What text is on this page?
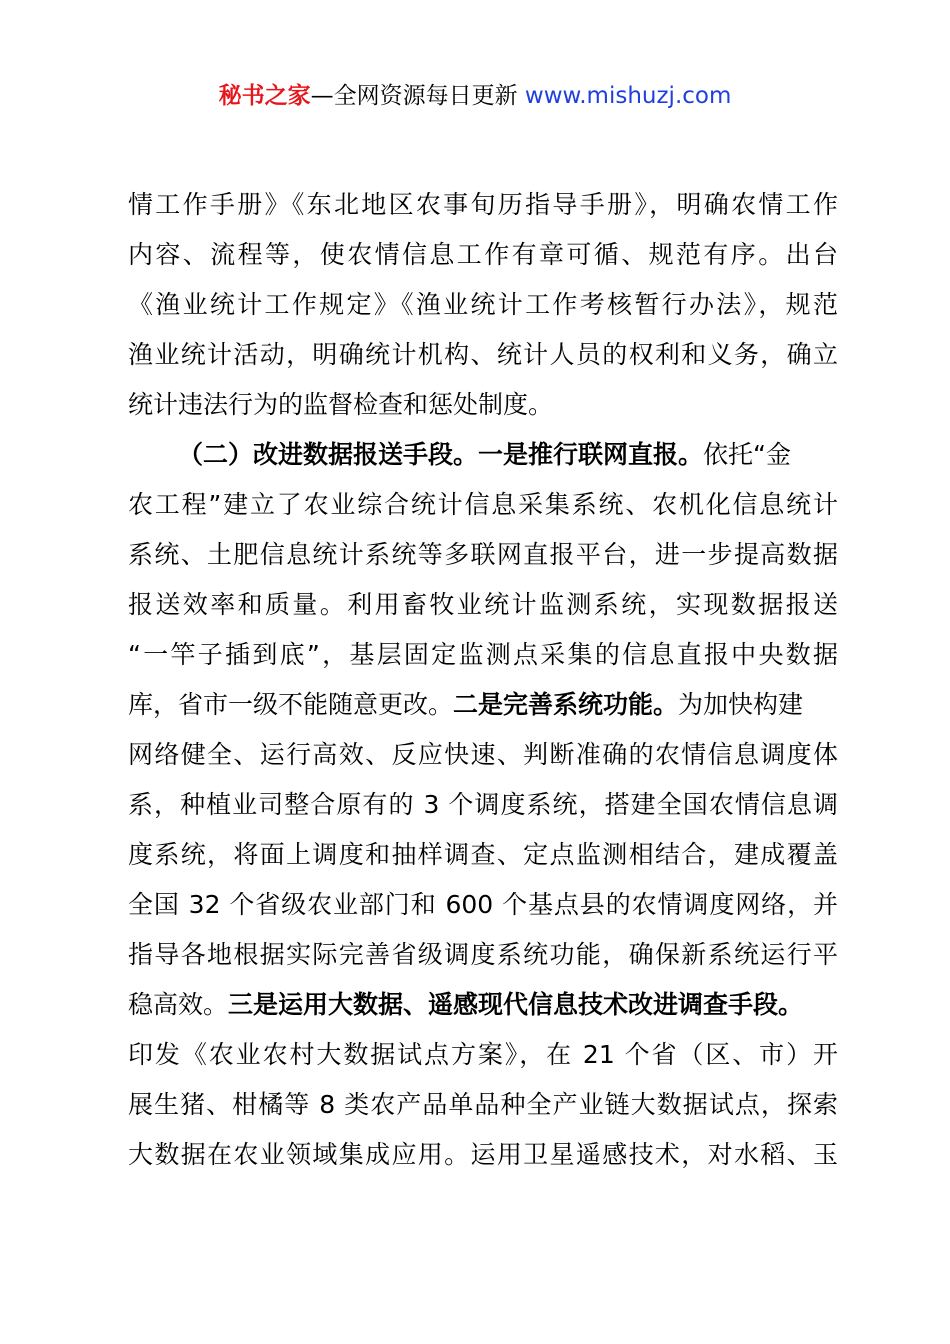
秘书之家—全网资源每日更新 www.mishuzj.com
情工作手册》《东北地区农事旬历指导手册》，明确农情工作
内容、流程等，使农情信息工作有章可循、规范有序。出台
《渔业统计工作规定》《渔业统计工作考核暂行办法》，规范
渔业统计活动，明确统计机构、统计人员的权利和义务，确立
统计违法行为的监督检查和惩处制度。
（二）改进数据报送手段。一是推行联网直报。依托“金
农工程”建立了农业综合统计信息采集系统、农机化信息统计
系统、土肥信息统计系统等多联网直报平台，进一步提高数据
报送效率和质量。利用畜牧业统计监测系统，实现数据报送
“一竿子插到底”，基层固定监测点采集的信息直报中央数据
库，省市一级不能随意更改。二是完善系统功能。为加快构建
网络健全、运行高效、反应快速、判断准确的农情信息调度体
系，种植业司整合原有的 3 个调度系统，搭建全国农情信息调
度系统，将面上调度和抽样调查、定点监测相结合，建成覆盖
全国 32 个省级农业部门和 600 个基点县的农情调度网络，并
指导各地根据实际完善省级调度系统功能，确保新系统运行平
稳高效。三是运用大数据、遥感现代信息技术改进调查手段。
印发《农业农村大数据试点方案》，在 21 个省（区、市）开
展生猪、柑橘等 8 类农产品单品种全产业链大数据试点，探索
大数据在农业领域集成应用。运用卫星遥感技术，对水稻、玉
